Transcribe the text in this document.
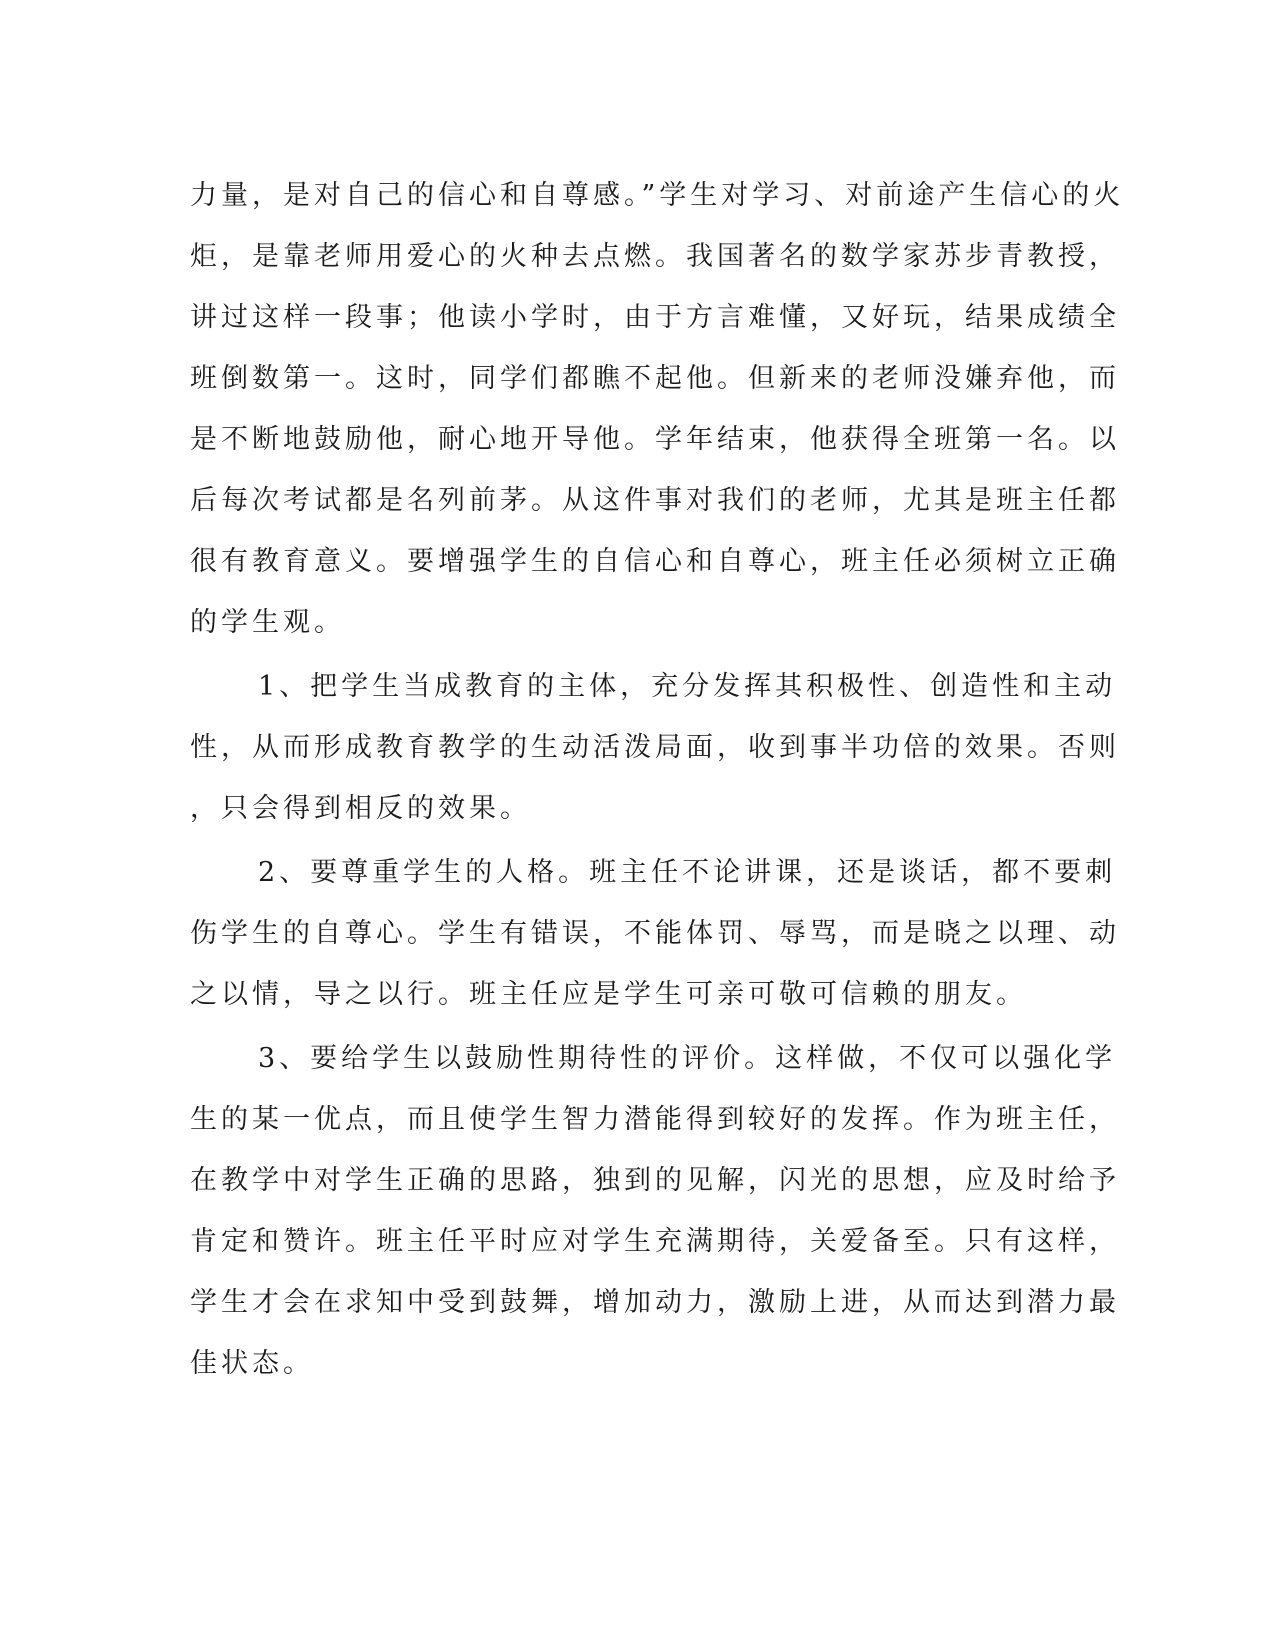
力量，是对自己的信心和自尊感。”学生对学习、对前途产生信心的火
炬，是靠老师用爱心的火种去点燃。我国著名的数学家苏步青教授，
讲过这样一段事；他读小学时，由于方言难懂，又好玩，结果成绩全
班倒数第一。这时，同学们都瞧不起他。但新来的老师没嫌弃他，而
是不断地鼓励他，耐心地开导他。学年结束，他获得全班第一名。以
后每次考试都是名列前茅。从这件事对我们的老师，尤其是班主任都
很有教育意义。要增强学生的自信心和自尊心，班主任必须树立正确
的学生观。
1、把学生当成教育的主体，充分发挥其积极性、创造性和主动
性，从而形成教育教学的生动活泼局面，收到事半功倍的效果。否则
，只会得到相反的效果。
2、要尊重学生的人格。班主任不论讲课，还是谈话，都不要刺
伤学生的自尊心。学生有错误，不能体罚、辱骂，而是晓之以理、动
之以情，导之以行。班主任应是学生可亲可敬可信赖的朋友。
3、要给学生以鼓励性期待性的评价。这样做，不仅可以强化学
生的某一优点，而且使学生智力潜能得到较好的发挥。作为班主任，
在教学中对学生正确的思路，独到的见解，闪光的思想，应及时给予
肯定和赞许。班主任平时应对学生充满期待，关爱备至。只有这样，
学生才会在求知中受到鼓舞，增加动力，激励上进，从而达到潜力最
佳状态。
